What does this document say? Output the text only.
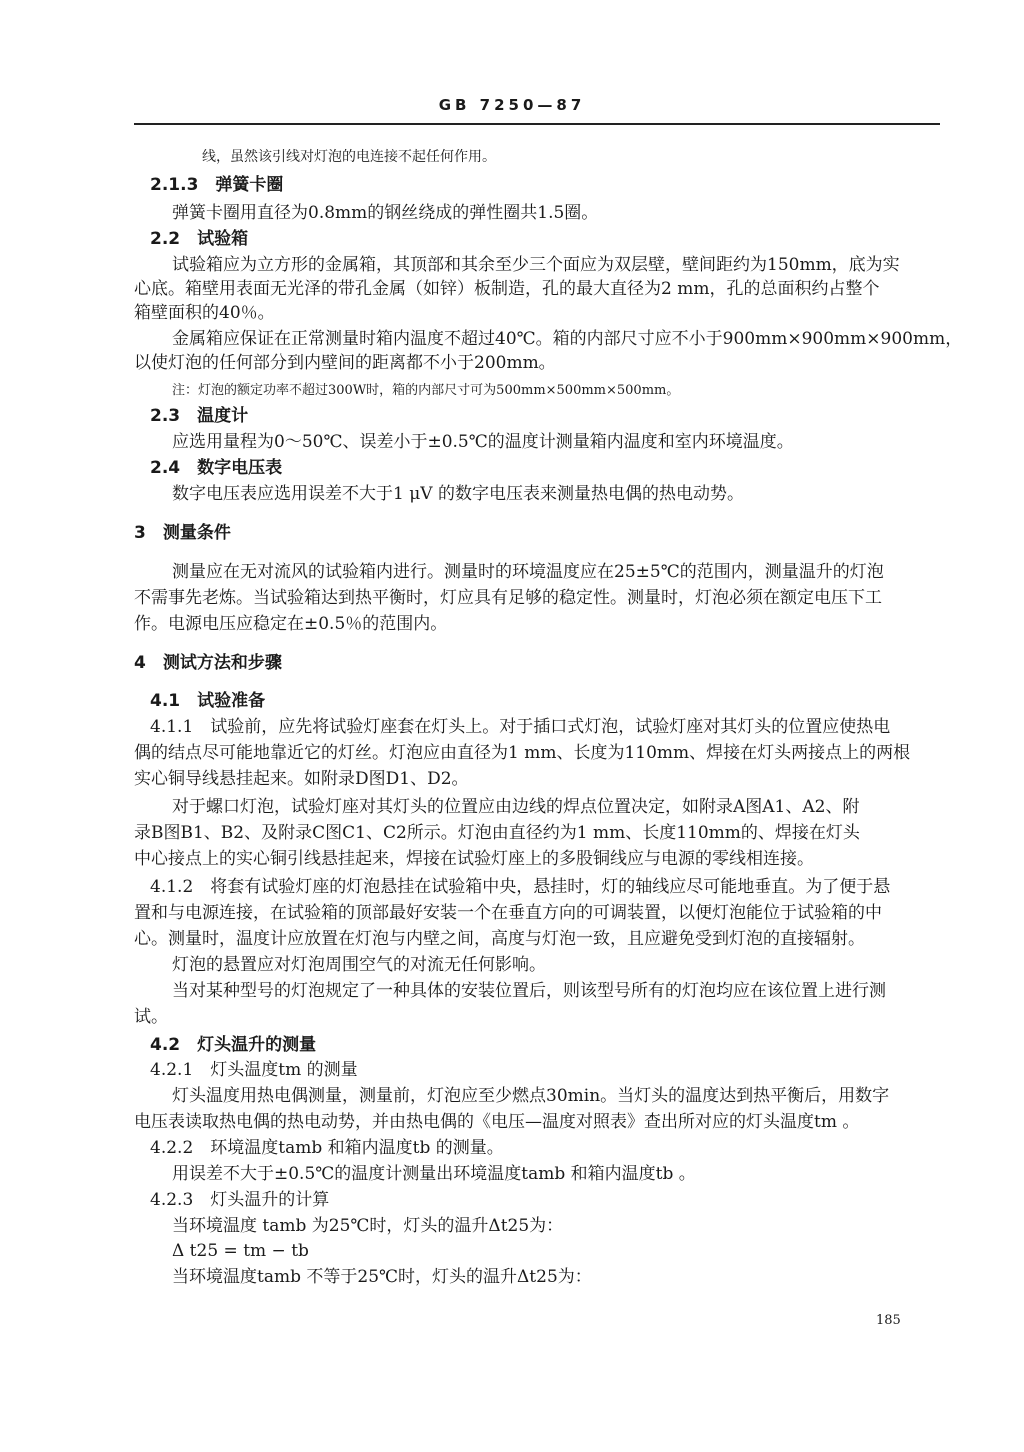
GB 7250—87
线，虽然该引线对灯泡的电连接不起任何作用。
2.1.3　弹簧卡圈
弹簧卡圈用直径为0.8mm的钢丝绕成的弹性圈共1.5圈。
2.2　试验箱
试验箱应为立方形的金属箱，其顶部和其余至少三个面应为双层壁，壁间距约为150mm，底为实
心底。箱壁用表面无光泽的带孔金属（如锌）板制造，孔的最大直径为2 mm，孔的总面积约占整个
箱壁面积的40％。
金属箱应保证在正常测量时箱内温度不超过40℃。箱的内部尺寸应不小于900mm×900mm×900mm，
以使灯泡的任何部分到内壁间的距离都不小于200mm。
注：灯泡的额定功率不超过300W时，箱的内部尺寸可为500mm×500mm×500mm。
2.3　温度计
应选用量程为0～50℃、误差小于±0.5℃的温度计测量箱内温度和室内环境温度。
2.4　数字电压表
数字电压表应选用误差不大于1 μV 的数字电压表来测量热电偶的热电动势。
3　测量条件
测量应在无对流风的试验箱内进行。测量时的环境温度应在25±5℃的范围内，测量温升的灯泡
不需事先老炼。当试验箱达到热平衡时，灯应具有足够的稳定性。测量时，灯泡必须在额定电压下工
作。电源电压应稳定在±0.5％的范围内。
4　测试方法和步骤
4.1　试验准备
4.1.1　试验前，应先将试验灯座套在灯头上。对于插口式灯泡，试验灯座对其灯头的位置应使热电
偶的结点尽可能地靠近它的灯丝。灯泡应由直径为1 mm、长度为110mm、焊接在灯头两接点上的两根
实心铜导线悬挂起来。如附录D图D1、D2。
对于螺口灯泡，试验灯座对其灯头的位置应由边线的焊点位置决定，如附录A图A1、A2、附
录B图B1、B2、及附录C图C1、C2所示。灯泡由直径约为1 mm、长度110mm的、焊接在灯头
中心接点上的实心铜引线悬挂起来，焊接在试验灯座上的多股铜线应与电源的零线相连接。
4.1.2　将套有试验灯座的灯泡悬挂在试验箱中央，悬挂时，灯的轴线应尽可能地垂直。为了便于悬
置和与电源连接，在试验箱的顶部最好安装一个在垂直方向的可调装置，以便灯泡能位于试验箱的中
心。测量时，温度计应放置在灯泡与内壁之间，高度与灯泡一致，且应避免受到灯泡的直接辐射。
灯泡的悬置应对灯泡周围空气的对流无任何影响。
当对某种型号的灯泡规定了一种具体的安装位置后，则该型号所有的灯泡均应在该位置上进行测
试。
4.2　灯头温升的测量
4.2.1　灯头温度tm 的测量
灯头温度用热电偶测量，测量前，灯泡应至少燃点30min。当灯头的温度达到热平衡后，用数字
电压表读取热电偶的热电动势，并由热电偶的《电压—温度对照表》查出所对应的灯头温度tm 。
4.2.2　环境温度tamb 和箱内温度tb 的测量。
用误差不大于±0.5℃的温度计测量出环境温度tamb 和箱内温度tb 。
4.2.3　灯头温升的计算
当环境温度 tamb 为25℃时，灯头的温升Δt25为：
Δ t25 = tm − tb
当环境温度tamb 不等于25℃时，灯头的温升Δt25为：
185
